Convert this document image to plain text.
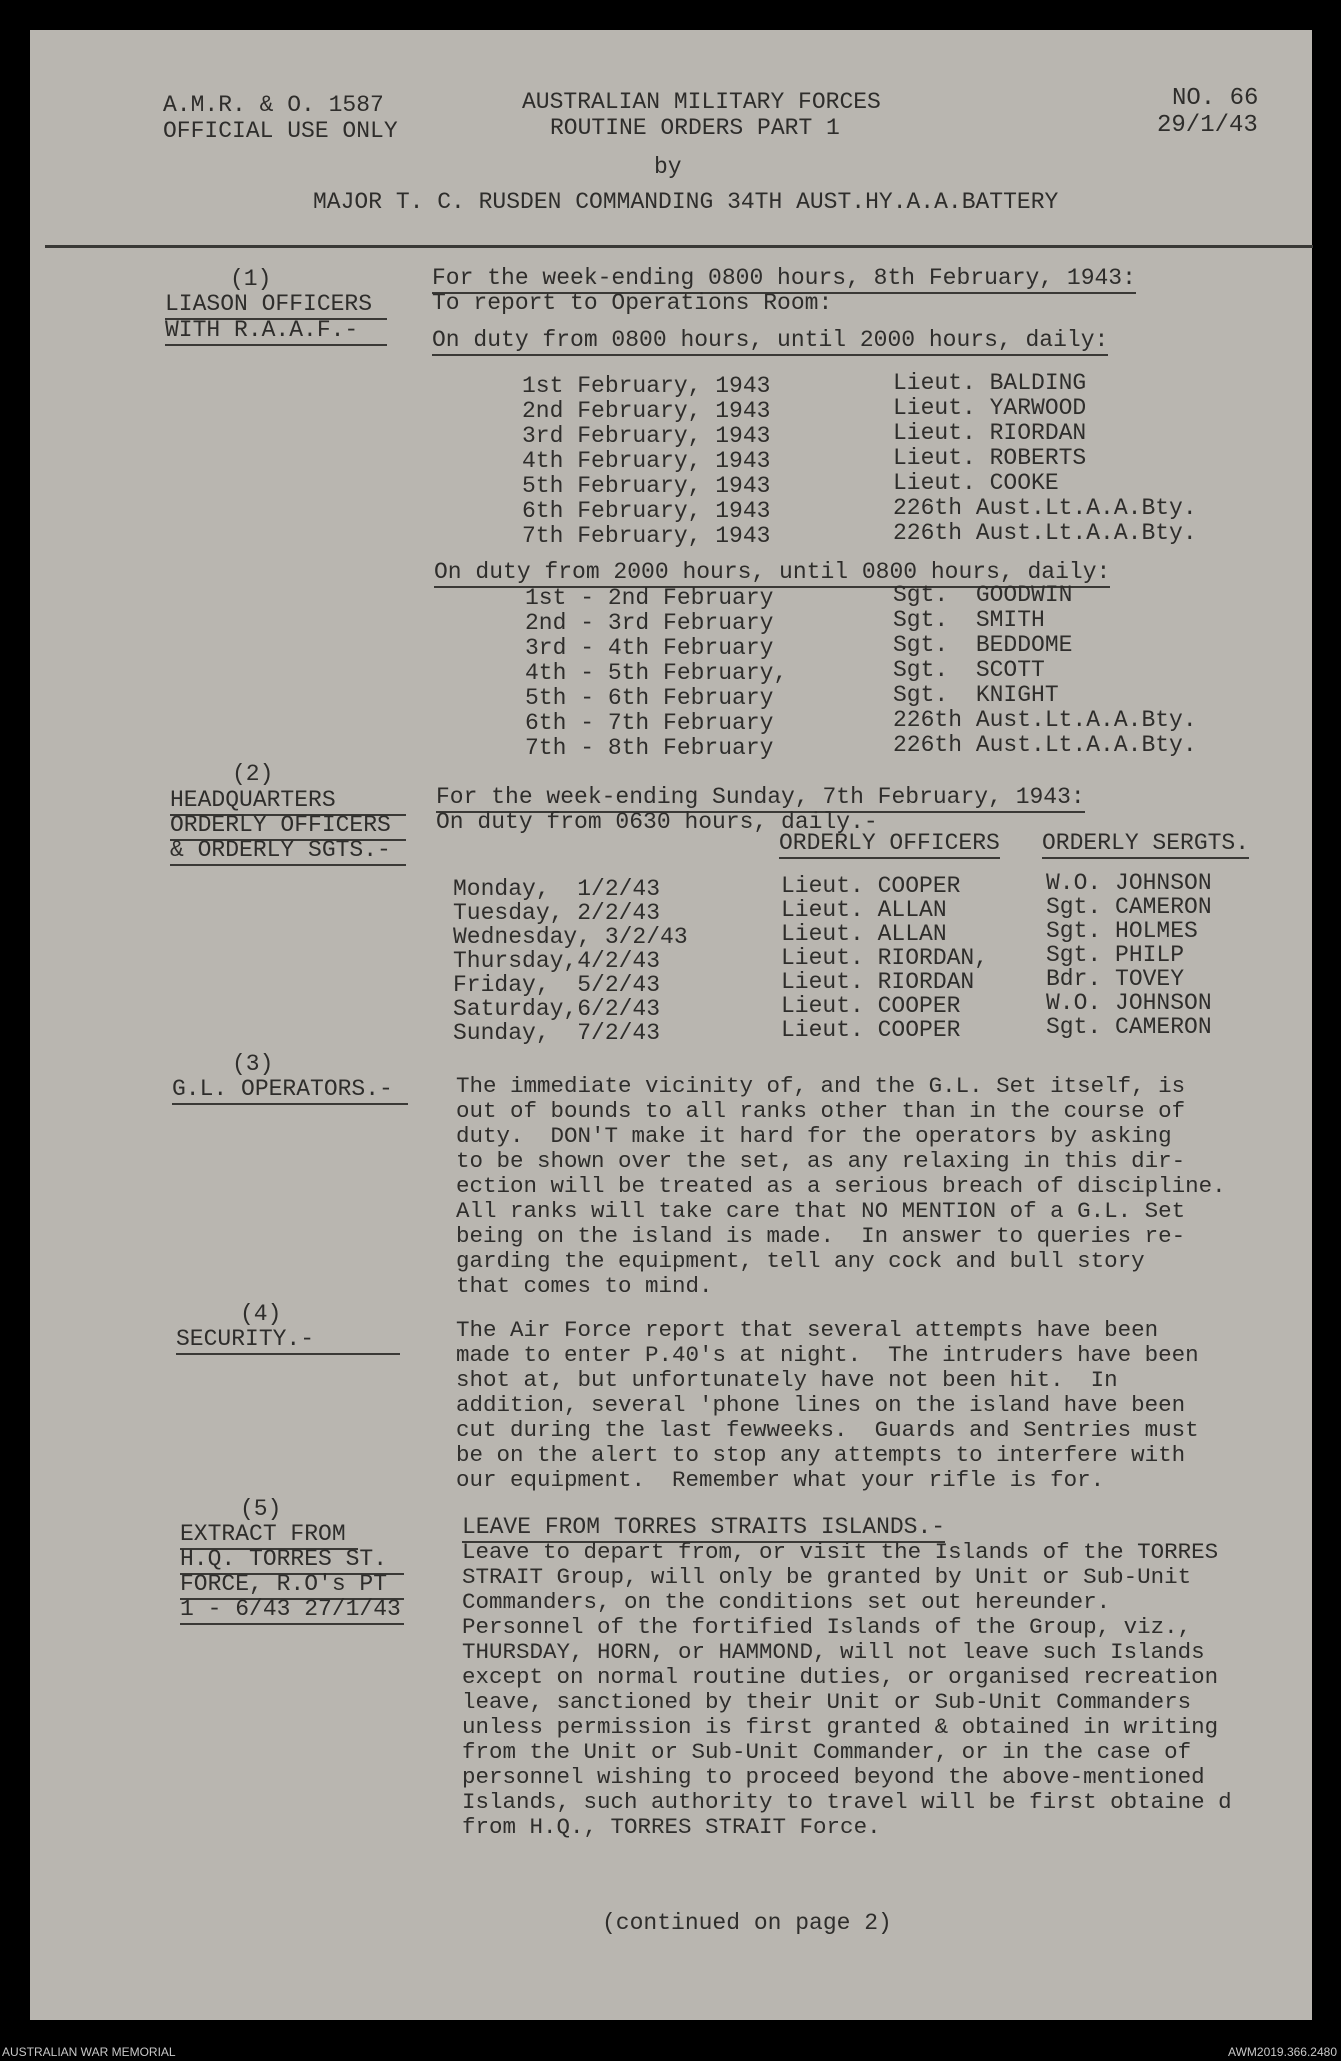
A.M.R. & O. 1587
OFFICIAL USE ONLY
AUSTRALIAN MILITARY FORCES
ROUTINE ORDERS PART 1
by
MAJOR T. C. RUSDEN COMMANDING 34TH AUST.HY.A.A.BATTERY
NO. 66
29/1/43
(1)
LIASON OFFICERS
WITH R.A.A.F.-
For the week-ending 0800 hours, 8th February, 1943:
To report to Operations Room:
On duty from 0800 hours, until 2000 hours, daily:
1st February, 1943	Lieut. BALDING
2nd February, 1943	Lieut. YARWOOD
3rd February, 1943	Lieut. RIORDAN
4th February, 1943	Lieut. ROBERTS
5th February, 1943	Lieut. COOKE
6th February, 1943	226th Aust.Lt.A.A.Bty.
7th February, 1943	226th Aust.Lt.A.A.Bty.
On duty from 2000 hours, until 0800 hours, daily:
1st - 2nd February	Sgt.  GOODWIN
2nd - 3rd February	Sgt.  SMITH
3rd - 4th February	Sgt.  BEDDOME
4th - 5th February,	Sgt.  SCOTT
5th - 6th February	Sgt.  KNIGHT
6th - 7th February	226th Aust.Lt.A.A.Bty.
7th - 8th February	226th Aust.Lt.A.A.Bty.
(2)
HEADQUARTERS
ORDERLY OFFICERS
& ORDERLY SGTS.-
For the week-ending Sunday, 7th February, 1943:
On duty from 0630 hours, daily.-
ORDERLY OFFICERS ORDERLY SERGTS.
Monday,  1/2/43	Lieut. COOPER	W.O. JOHNSON
Tuesday, 2/2/43	Lieut. ALLAN	Sgt. CAMERON
Wednesday, 3/2/43	Lieut. ALLAN	Sgt. HOLMES
Thursday,4/2/43	Lieut. RIORDAN,	Sgt. PHILP
Friday,  5/2/43	Lieut. RIORDAN	Bdr. TOVEY
Saturday,6/2/43	Lieut. COOPER	W.O. JOHNSON
Sunday,  7/2/43	Lieut. COOPER	Sgt. CAMERON
(3)
G.L. OPERATORS.-	The immediate vicinity of, and the G.L. Set itself, is
out of bounds to all ranks other than in the course of
duty.  DON'T make it hard for the operators by asking
to be shown over the set, as any relaxing in this dir-
ection will be treated as a serious breach of discipline.
All ranks will take care that NO MENTION of a G.L. Set
being on the island is made.  In answer to queries re-
garding the equipment, tell any cock and bull story
that comes to mind.
(4)
SECURITY.-	The Air Force report that several attempts have been
made to enter P.40's at night.  The intruders have been
shot at, but unfortunately have not been hit.  In
addition, several 'phone lines on the island have been
cut during the last fewweeks.  Guards and Sentries must
be on the alert to stop any attempts to interfere with
our equipment.  Remember what your rifle is for.
(5)
EXTRACT FROM
H.Q. TORRES ST.
FORCE, R.O's PT
1 - 6/43 27/1/43
LEAVE FROM TORRES STRAITS ISLANDS.-
Leave to depart from, or visit the Islands of the TORRES
STRAIT Group, will only be granted by Unit or Sub-Unit
Commanders, on the conditions set out hereunder.
Personnel of the fortified Islands of the Group, viz.,
THURSDAY, HORN, or HAMMOND, will not leave such Islands
except on normal routine duties, or organised recreation
leave, sanctioned by their Unit or Sub-Unit Commanders
unless permission is first granted & obtained in writing
from the Unit or Sub-Unit Commander, or in the case of
personnel wishing to proceed beyond the above-mentioned
Islands, such authority to travel will be first obtaine d
from H.Q., TORRES STRAIT Force.
(continued on page 2)
AUSTRALIAN WAR MEMORIAL	AWM2019.366.2480
